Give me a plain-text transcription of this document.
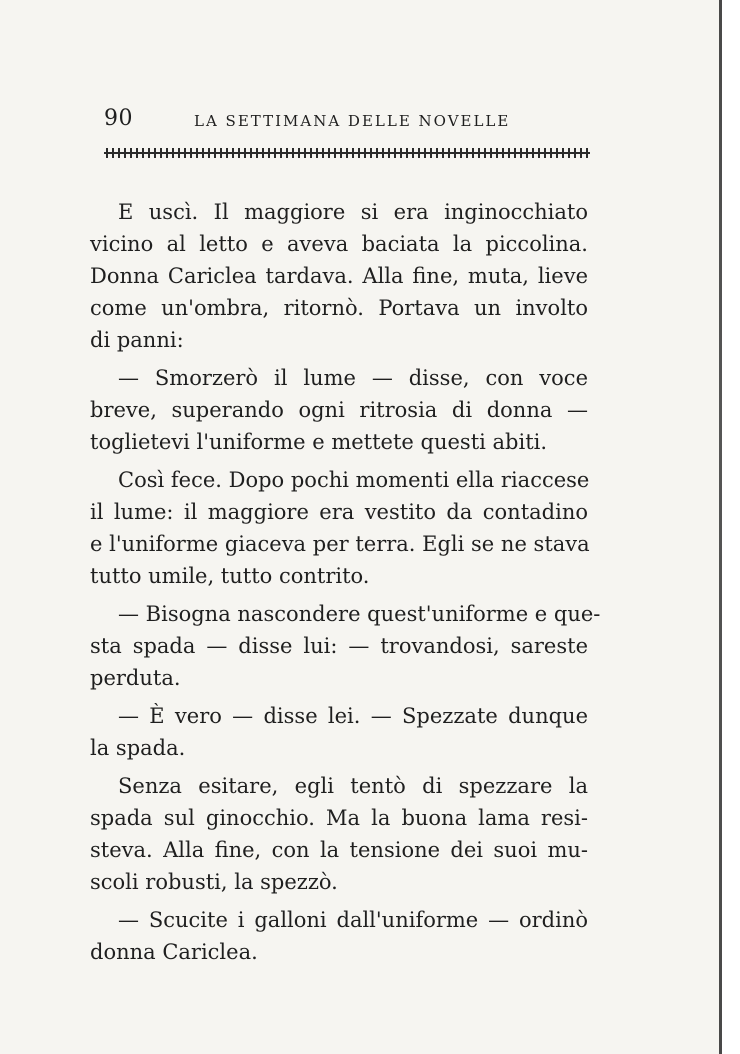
90	LA SETTIMANA DELLE NOVELLE
E uscì. Il maggiore si era inginocchiato
vicino al letto e aveva baciata la piccolina.
Donna Cariclea tardava. Alla fine, muta, lieve
come un'ombra, ritornò. Portava un involto
di panni:
— Smorzerò il lume — disse, con voce
breve, superando ogni ritrosia di donna —
toglietevi l'uniforme e mettete questi abiti.
Così fece. Dopo pochi momenti ella riaccese
il lume: il maggiore era vestito da contadino
e l'uniforme giaceva per terra. Egli se ne stava
tutto umile, tutto contrito.
— Bisogna nascondere quest'uniforme e que-
sta spada — disse lui: — trovandosi, sareste
perduta.
— È vero — disse lei. — Spezzate dunque
la spada.
Senza esitare, egli tentò di spezzare la
spada sul ginocchio. Ma la buona lama resi-
steva. Alla fine, con la tensione dei suoi mu-
scoli robusti, la spezzò.
— Scucite i galloni dall'uniforme — ordinò
donna Cariclea.
